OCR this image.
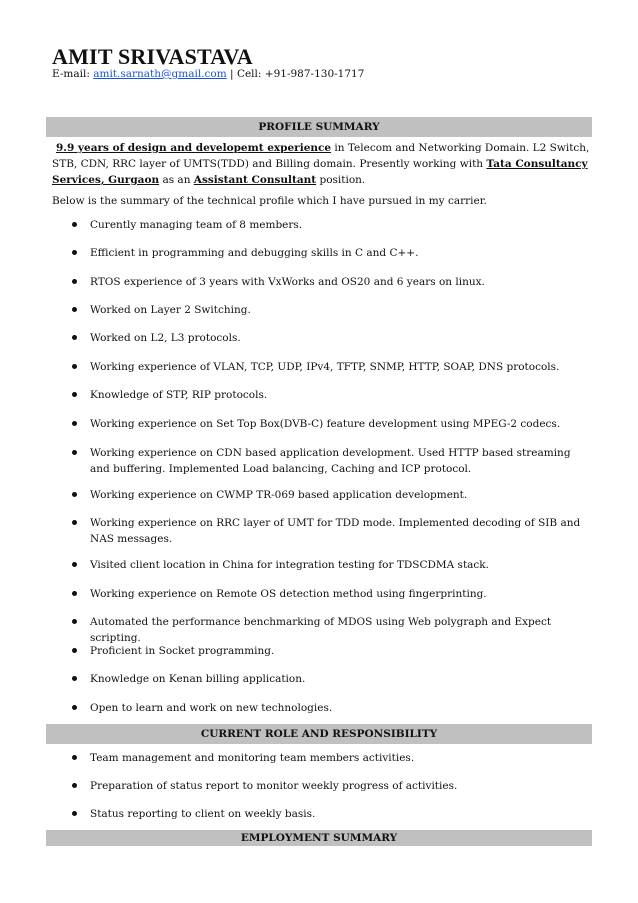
AMIT SRIVASTAVA
E-mail: amit.sarnath@gmail.com | Cell: +91-987-130-1717
PROFILE SUMMARY
9.9 years of design and developemt experience in Telecom and Networking Domain. L2 Switch, STB, CDN, RRC layer of UMTS(TDD) and Billing domain. Presently working with Tata Consultancy Services, Gurgaon as an Assistant Consultant position.
Below is the summary of the technical profile which I have pursued in my carrier.
Curently managing team of 8 members.
Efficient in programming and debugging skills in C and C++.
RTOS experience of 3 years with VxWorks and OS20 and 6 years on linux.
Worked on Layer 2 Switching.
Worked on L2, L3 protocols.
Working experience of VLAN, TCP, UDP, IPv4, TFTP, SNMP, HTTP, SOAP, DNS protocols.
Knowledge of STP, RIP protocols.
Working experience on Set Top Box(DVB-C) feature development using MPEG-2 codecs.
Working experience on CDN based application development. Used HTTP based streaming and buffering. Implemented Load balancing, Caching and ICP protocol.
Working experience on CWMP TR-069 based application development.
Working experience on RRC layer of UMT for TDD mode. Implemented decoding of SIB and NAS messages.
Visited client location in China for integration testing for TDSCDMA stack.
Working experience on Remote OS detection method using fingerprinting.
Automated the performance benchmarking of MDOS using Web polygraph and Expect scripting.
Proficient in Socket programming.
Knowledge on Kenan billing application.
Open to learn and work on new technologies.
CURRENT ROLE AND RESPONSIBILITY
Team management and monitoring team members activities.
Preparation of status report to monitor weekly progress of activities.
Status reporting to client on weekly basis.
EMPLOYMENT SUMMARY
